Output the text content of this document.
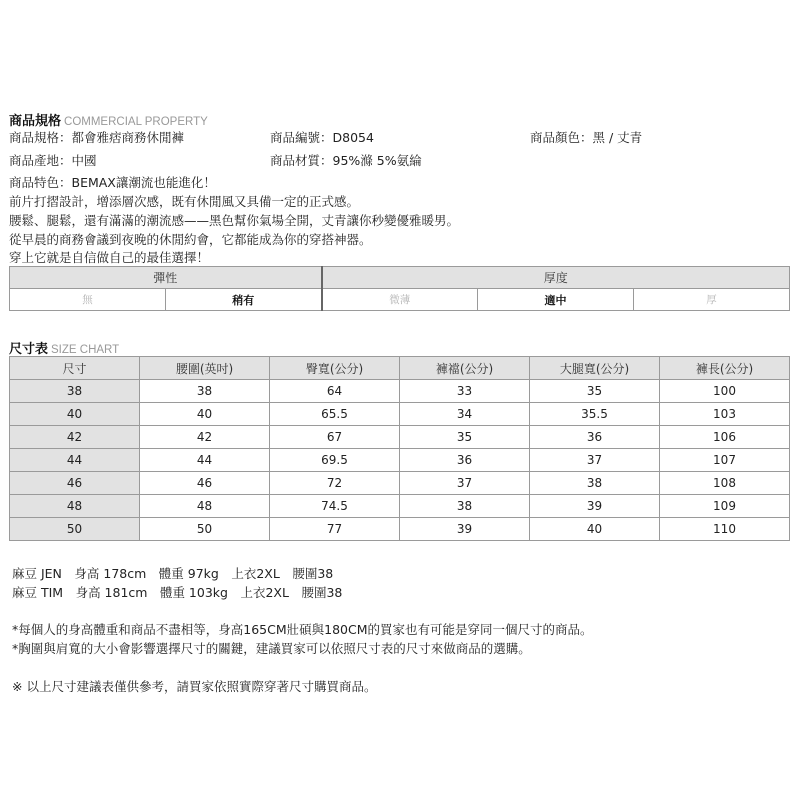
商品規格 COMMERCIAL PROPERTY
商品規格：都會雅痞商務休閒褲	商品編號：D8054	商品顏色：黑 / 丈青
商品產地：中國	商品材質：95%滌 5%氨綸
商品特色：BEMAX讓潮流也能進化！
前片打摺設計，增添層次感，既有休閒風又具備一定的正式感。
腰鬆、腿鬆，還有滿滿的潮流感——黑色幫你氣場全開，丈青讓你秒變優雅暖男。
從早晨的商務會議到夜晚的休閒約會，它都能成為你的穿搭神器。
穿上它就是自信做自己的最佳選擇！
彈性		厚度		
無	稍有	微薄	適中	厚
尺寸表 SIZE CHART
尺寸	腰圍(英吋)	臀寬(公分)	褲襠(公分)	大腿寬(公分)	褲長(公分)
38	38	64	33	35	100
40	40	65.5	34	35.5	103
42	42	67	35	36	106
44	44	69.5	36	37	107
46	46	72	37	38	108
48	48	74.5	38	39	109
50	50	77	39	40	110
麻豆 JEN　身高 178cm　體重 97kg　上衣2XL　腰圍38
麻豆 TIM　身高 181cm　體重 103kg　上衣2XL　腰圍38
*每個人的身高體重和商品不盡相等，身高165CM壯碩與180CM的買家也有可能是穿同一個尺寸的商品。
*胸圍與肩寬的大小會影響選擇尺寸的關鍵，建議買家可以依照尺寸表的尺寸來做商品的選購。
※ 以上尺寸建議表僅供參考，請買家依照實際穿著尺寸購買商品。
